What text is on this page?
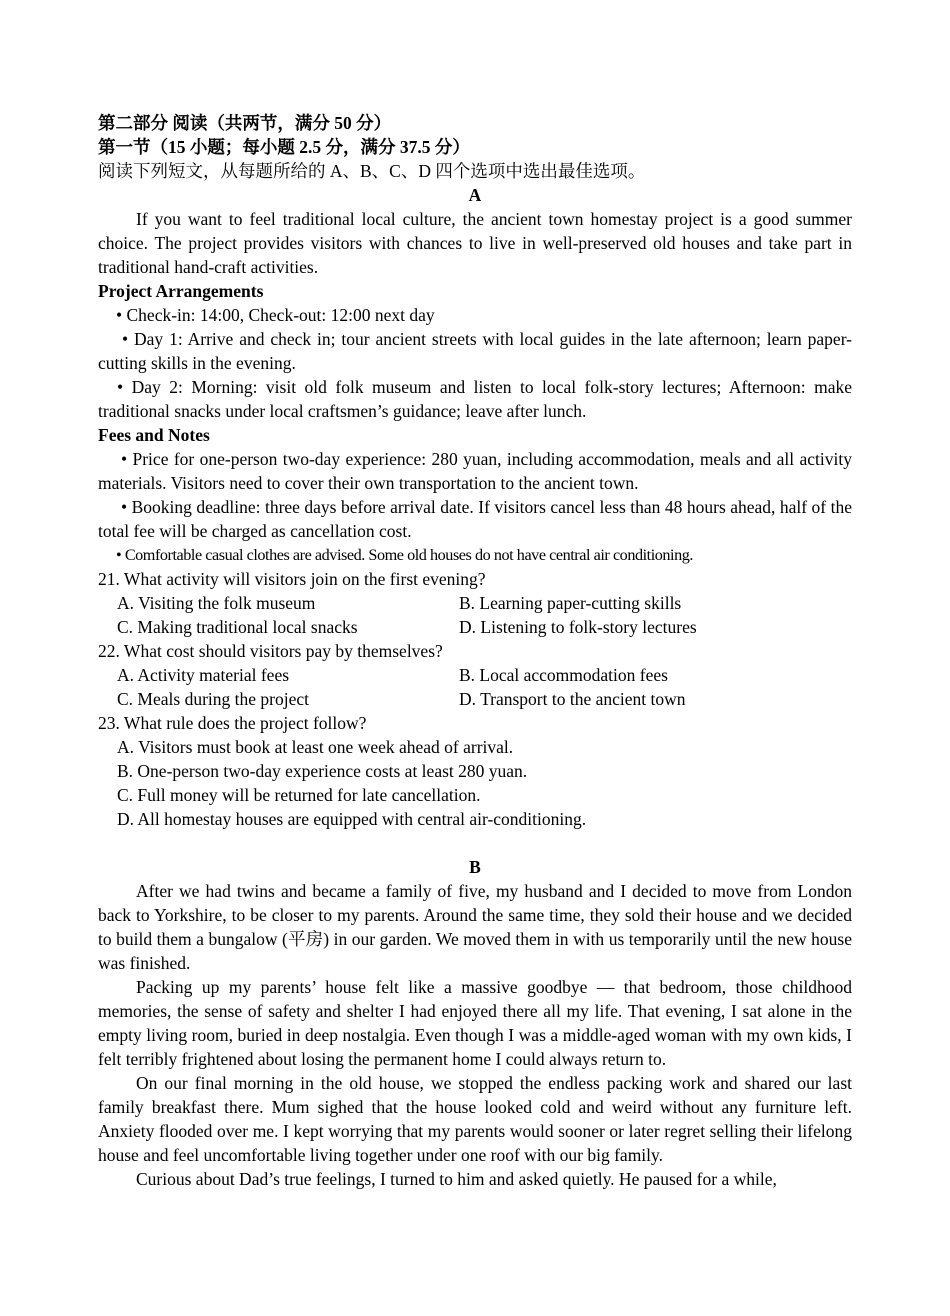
第二部分 阅读（共两节，满分 50 分）
第一节（15 小题；每小题 2.5 分，满分 37.5 分）
阅读下列短文，从每题所给的 A、B、C、D 四个选项中选出最佳选项。
A
If you want to feel traditional local culture, the ancient town homestay project is a good summer choice. The project provides visitors with chances to live in well-preserved old houses and take part in traditional hand-craft activities.
Project Arrangements
• Check-in: 14:00, Check-out: 12:00 next day
• Day 1: Arrive and check in; tour ancient streets with local guides in the late afternoon; learn paper-cutting skills in the evening.
• Day 2: Morning: visit old folk museum and listen to local folk-story lectures; Afternoon: make traditional snacks under local craftsmen’s guidance; leave after lunch.
Fees and Notes
• Price for one-person two-day experience: 280 yuan, including accommodation, meals and all activity materials. Visitors need to cover their own transportation to the ancient town.
• Booking deadline: three days before arrival date. If visitors cancel less than 48 hours ahead, half of the total fee will be charged as cancellation cost.
• Comfortable casual clothes are advised. Some old houses do not have central air conditioning.
21. What activity will visitors join on the first evening?
A. Visiting the folk museum	B. Learning paper-cutting skills
C. Making traditional local snacks	D. Listening to folk-story lectures
22. What cost should visitors pay by themselves?
A. Activity material fees	B. Local accommodation fees
C. Meals during the project	D. Transport to the ancient town
23. What rule does the project follow?
A. Visitors must book at least one week ahead of arrival.
B. One-person two-day experience costs at least 280 yuan.
C. Full money will be returned for late cancellation.
D. All homestay houses are equipped with central air-conditioning.
B
After we had twins and became a family of five, my husband and I decided to move from London back to Yorkshire, to be closer to my parents. Around the same time, they sold their house and we decided to build them a bungalow (平房) in our garden. We moved them in with us temporarily until the new house was finished.
Packing up my parents’ house felt like a massive goodbye — that bedroom, those childhood memories, the sense of safety and shelter I had enjoyed there all my life. That evening, I sat alone in the empty living room, buried in deep nostalgia. Even though I was a middle-aged woman with my own kids, I felt terribly frightened about losing the permanent home I could always return to.
On our final morning in the old house, we stopped the endless packing work and shared our last family breakfast there. Mum sighed that the house looked cold and weird without any furniture left. Anxiety flooded over me. I kept worrying that my parents would sooner or later regret selling their lifelong house and feel uncomfortable living together under one roof with our big family.
Curious about Dad’s true feelings, I turned to him and asked quietly. He paused for a while,
